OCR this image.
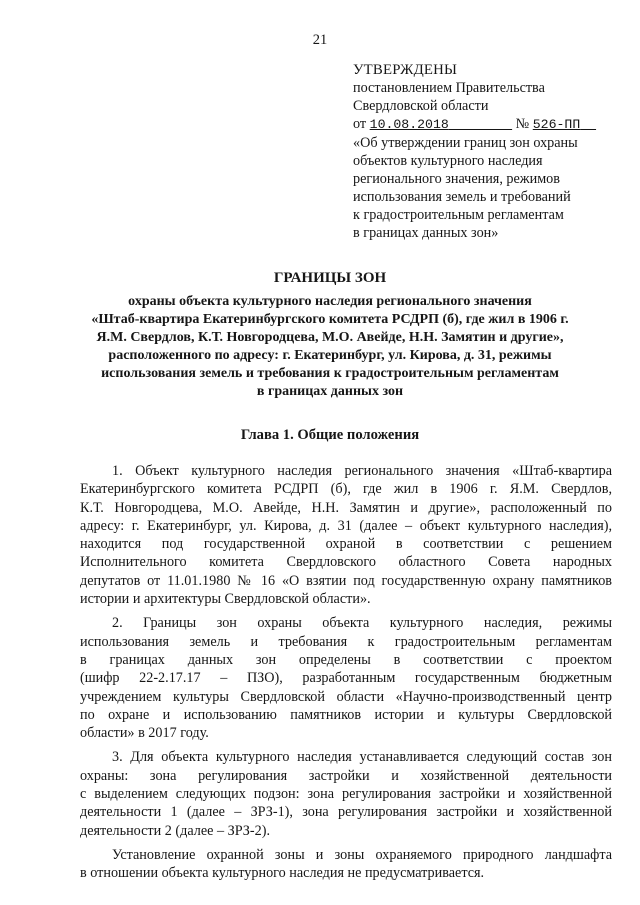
21
УТВЕРЖДЕНЫ
постановлением Правительства
Свердловской области
от 10.08.2018	№ 526-ПП
«Об утверждении границ зон охраны
объектов культурного наследия
регионального значения, режимов
использования земель и требований
к градостроительным регламентам
в границах данных зон»
ГРАНИЦЫ ЗОН
охраны объекта культурного наследия регионального значения
«Штаб-квартира Екатеринбургского комитета РСДРП (б), где жил в 1906 г.
Я.М. Свердлов, К.Т. Новгородцева, М.О. Авейде, Н.Н. Замятин и другие»,
расположенного по адресу: г. Екатеринбург, ул. Кирова, д. 31, режимы
использования земель и требования к градостроительным регламентам
в границах данных зон
Глава 1. Общие положения
1. Объект культурного наследия регионального значения «Штаб-квартира
Екатеринбургского комитета РСДРП (б), где жил в 1906 г. Я.М. Свердлов,
К.Т. Новгородцева, М.О. Авейде, Н.Н. Замятин и другие», расположенный по
адресу: г. Екатеринбург, ул. Кирова, д. 31 (далее – объект культурного наследия),
находится под государственной охраной в соответствии с решением
Исполнительного комитета Свердловского областного Совета народных
депутатов от 11.01.1980 № 16 «О взятии под государственную охрану памятников
истории и архитектуры Свердловской области».
2. Границы зон охраны объекта культурного наследия, режимы
использования земель и требования к градостроительным регламентам
в границах данных зон определены в соответствии с проектом
(шифр 22-2.17.17 – ПЗО), разработанным государственным бюджетным
учреждением культуры Свердловской области «Научно-производственный центр
по охране и использованию памятников истории и культуры Свердловской
области» в 2017 году.
3. Для объекта культурного наследия устанавливается следующий состав зон
охраны: зона регулирования застройки и хозяйственной деятельности
с выделением следующих подзон: зона регулирования застройки и хозяйственной
деятельности 1 (далее – ЗРЗ-1), зона регулирования застройки и хозяйственной
деятельности 2 (далее – ЗРЗ-2).
Установление охранной зоны и зоны охраняемого природного ландшафта
в отношении объекта культурного наследия не предусматривается.
